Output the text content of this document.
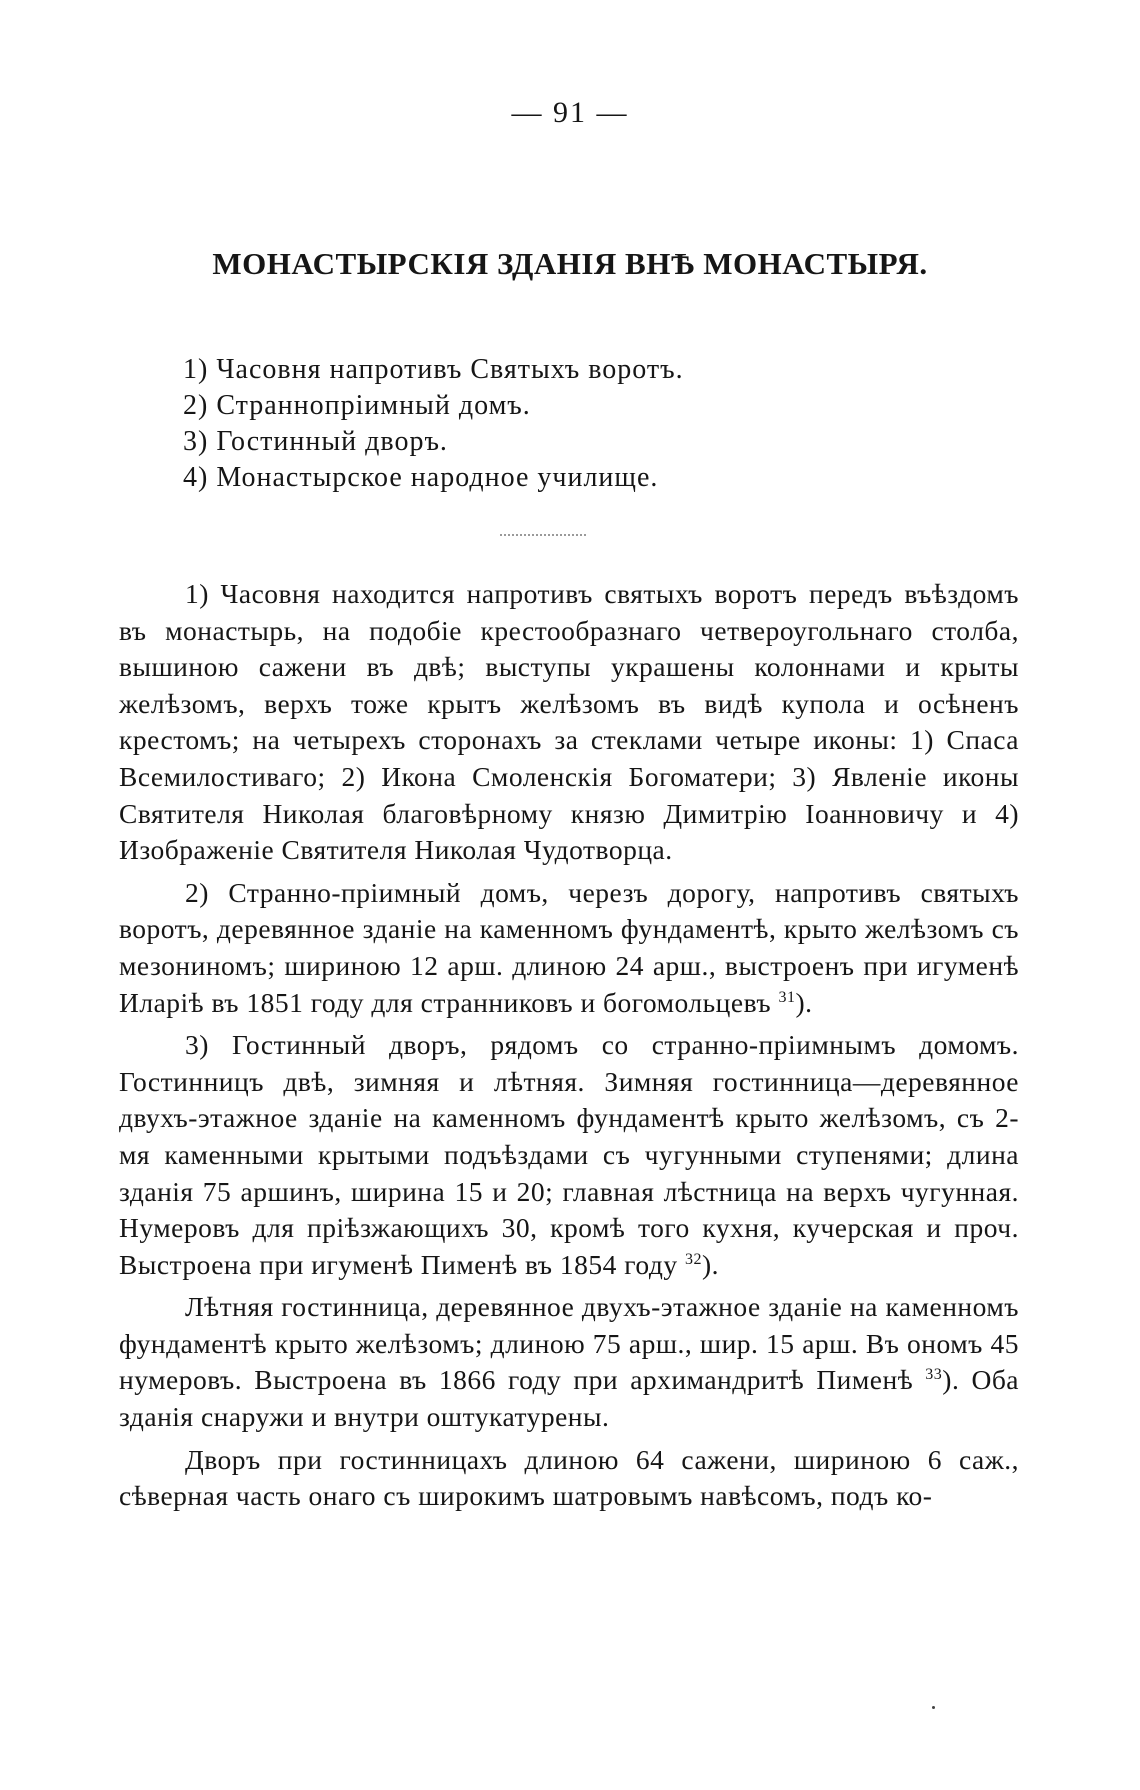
— 91 —
МОНАСТЫРСКІЯ ЗДАНІЯ ВНѢ МОНАСТЫРЯ.
1) Часовня напротивъ Святыхъ воротъ.
2) Страннопріимный домъ.
3) Гостинный дворъ.
4) Монастырское народное училище.

1) Часовня находится напротивъ святыхъ воротъ передъ въѣздомъ въ монастырь, на подобіе крестообразнаго четвероугольнаго столба, вышиною сажени въ двѣ; выступы украшены колоннами и крыты желѣзомъ, верхъ тоже крытъ желѣзомъ въ видѣ купола и осѣненъ крестомъ; на четырехъ сторонахъ за стеклами четыре иконы: 1) Спаса Всемилостиваго; 2) Икона Смоленскія Богоматери; 3) Явленіе иконы Святителя Николая благовѣрному князю Димитрію Іоанновичу и 4) Изображеніе Святителя Николая Чудотворца.

2) Странно-пріимный домъ, черезъ дорогу, напротивъ святыхъ воротъ, деревянное зданіе на каменномъ фундаментѣ, крыто желѣзомъ съ мезониномъ; шириною 12 арш. длиною 24 арш., выстроенъ при игуменѣ Иларіѣ въ 1851 году для странниковъ и богомольцевъ $^{31}$).

3) Гостинный дворъ, рядомъ со странно-пріимнымъ домомъ. Гостинницъ двѣ, зимняя и лѣтняя. Зимняя гостинница—деревянное двухъ-этажное зданіе на каменномъ фундаментѣ крыто желѣзомъ, съ 2-мя каменными крытыми подъѣздами съ чугунными ступенями; длина зданія 75 аршинъ, ширина 15 и 20; главная лѣстница на верхъ чугунная. Нумеровъ для пріѣзжающихъ 30, кромѣ того кухня, кучерская и проч. Выстроена при игуменѣ Пименѣ въ 1854 году $^{32}$).

Лѣтняя гостинница, деревянное двухъ-этажное зданіе на каменномъ фундаментѣ крыто желѣзомъ; длиною 75 арш., шир. 15 арш. Въ ономъ 45 нумеровъ. Выстроена въ 1866 году при архимандритѣ Пименѣ $^{33}$). Оба зданія снаружи и внутри оштукатурены.

Дворъ при гостинницахъ длиною 64 сажени, шириною 6 саж., сѣверная часть онаго съ широкимъ шатровымъ навѣсомъ, подъ ко-
